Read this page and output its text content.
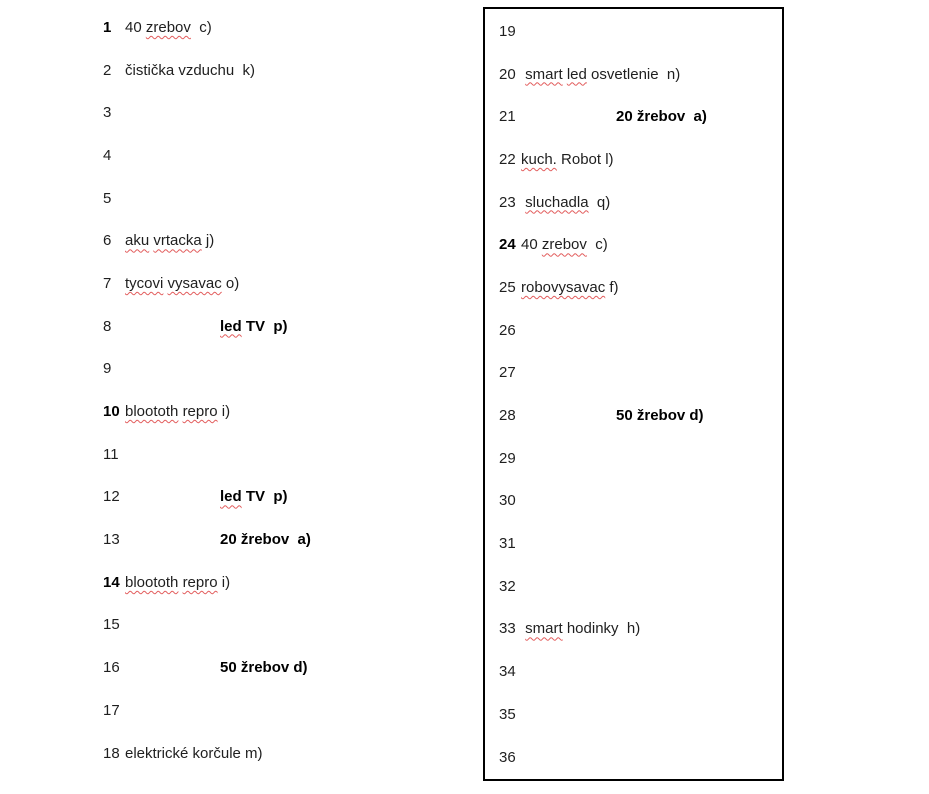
1 40 zrebov  c)
2 čistička vzduchu  k)
3
4
5
6 aku vrtacka j)
7 tycovi vysavac o)
8	led TV  p)
9
10 bloototh repro i)
11
12	led TV  p)
13	20 žrebov  a)
14 bloototh repro i)
15
16	50 žrebov d)
17
18 elektrické korčule m)
19
20 smart led osvetlenie  n)
21	20 žrebov  a)
22 kuch. Robot l)
23 sluchadla  q)
24 40 zrebov  c)
25 robovysavac f)
26
27
28	50 žrebov d)
29
30
31
32
33 smart hodinky  h)
34
35
36
